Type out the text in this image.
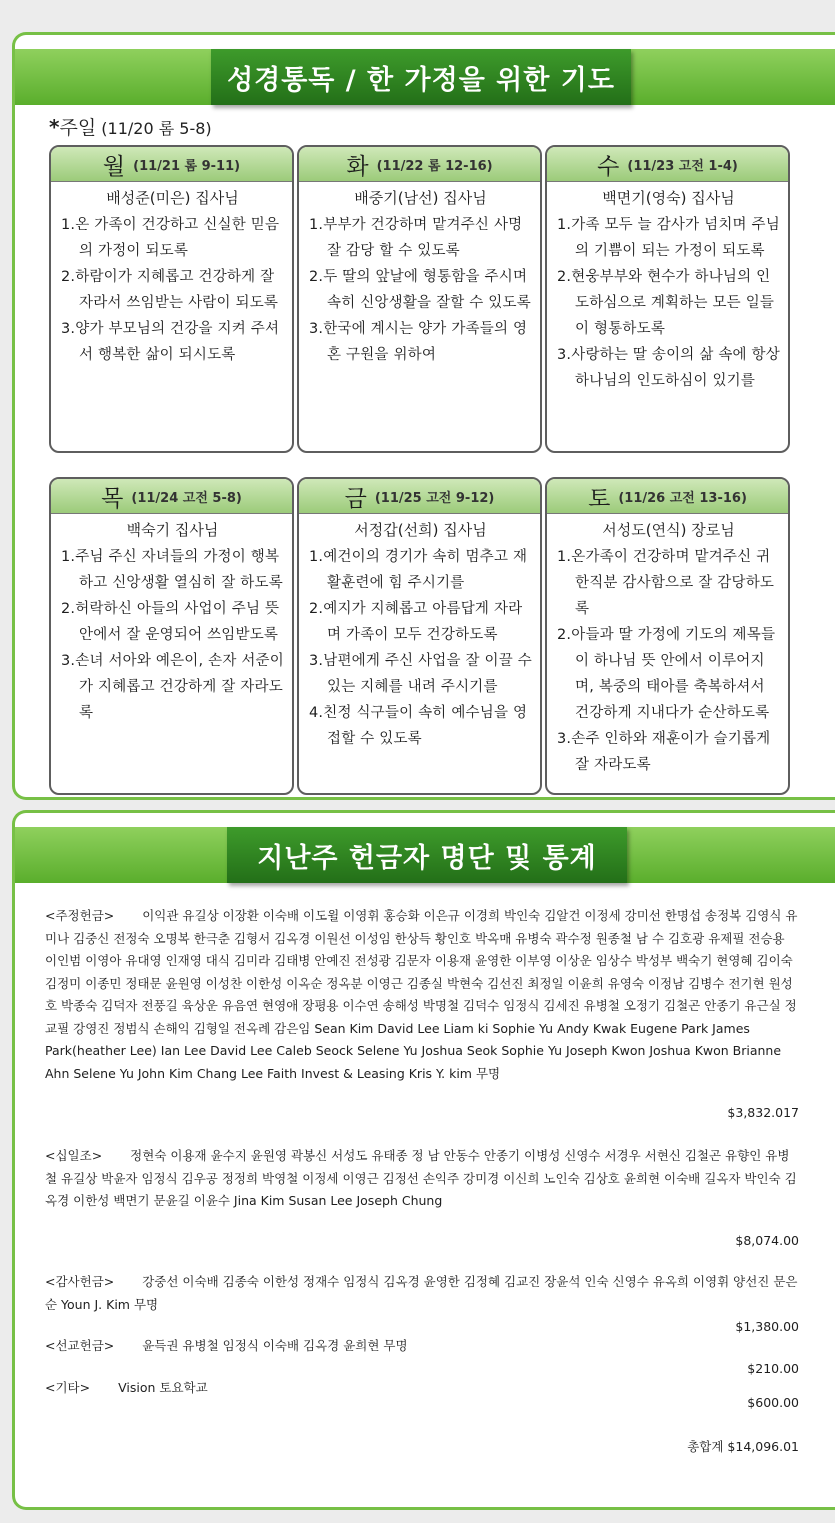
성경통독 / 한 가정을 위한 기도
*주일 (11/20 롬 5-8)
월 (11/21 롬 9-11)
배성준(미은) 집사님
1.온 가족이 건강하고 신실한 믿음의 가정이 되도록
2.하람이가 지혜롭고 건강하게 잘 자라서 쓰임받는 사람이 되도록
3.양가 부모님의 건강을 지켜 주셔서 행복한 삶이 되시도록
화 (11/22 롬 12-16)
배중기(남선) 집사님
1.부부가 건강하며 맡겨주신 사명 잘 감당 할 수 있도록
2.두 딸의 앞날에 형통함을 주시며 속히 신앙생활을 잘할 수 있도록
3.한국에 계시는 양가 가족들의 영혼 구원을 위하여
수 (11/23 고전 1-4)
백면기(영숙) 집사님
1.가족 모두 늘 감사가 넘치며 주님의 기쁨이 되는 가정이 되도록
2.현웅부부와 현수가 하나님의 인도하심으로 계획하는 모든 일들이 형통하도록
3.사랑하는 딸 송이의 삶 속에 항상 하나님의 인도하심이 있기를
목 (11/24 고전 5-8)
백숙기 집사님
1.주님 주신 자녀들의 가정이 행복하고 신앙생활 열심히 잘 하도록
2.허락하신 아들의 사업이 주님 뜻 안에서 잘 운영되어 쓰임받도록
3.손녀 서아와 예은이, 손자 서준이가 지혜롭고 건강하게 잘 자라도록
금 (11/25 고전 9-12)
서정갑(선희) 집사님
1.예건이의 경기가 속히 멈추고 재활훈련에 힘 주시기를
2.예지가 지혜롭고 아름답게 자라며 가족이 모두 건강하도록
3.남편에게 주신 사업을 잘 이끌 수 있는 지혜를 내려 주시기를
4.친정 식구들이 속히 예수님을 영접할 수 있도록
토 (11/26 고전 13-16)
서성도(연식) 장로님
1.온가족이 건강하며 맡겨주신 귀한직분 감사함으로 잘 감당하도록
2.아들과 딸 가정에 기도의 제목들이 하나님 뜻 안에서 이루어지며, 복중의 태아를 축복하셔서 건강하게 지내다가 순산하도록
3.손주 인하와 재훈이가 슬기롭게 잘 자라도록
지난주 헌금자 명단 및 통계
<주정헌금> 이익관 유길상 이장환 이숙배 이도윌 이영휘 홍승화 이은규 이경희 박인숙 김알건 이정세 강미선 한명섭 송정복 김영식 유미나 김중신 전정숙 오명복 한극춘 김형서 김옥경 이원선 이성임 한상득 황인호 박옥매 유병숙 곽수정 원종철 남 수 김호광 유제필 전승용 이인범 이영아 유대영 인재영 대식 김미라 김태병 안예진 전성광 김문자 이용재 윤영한 이부영 이상운 임상수 박성부 백숙기 현영혜 김이숙 김정미 이종민 정태문 윤원영 이성찬 이한성 이옥순 정옥분 이영근 김종실 박현숙 김선진 최정일 이윤희 유영숙 이정남 김병수 전기현 원성호 박종숙 김덕자 전풍길 육상운 유음연 현영애 장평용 이수연 송해성 박명철 김덕수 임정식 김세진 유병철 오정기 김철곤 안종기 유근실 정교필 강영진 정범식 손해익 김형일 전옥례 감은임 Sean Kim David Lee Liam ki Sophie Yu Andy Kwak Eugene Park James Park(heather Lee) Ian Lee David Lee Caleb Seock Selene Yu Joshua Seok Sophie Yu Joseph Kwon Joshua Kwon Brianne Ahn Selene Yu John Kim Chang Lee Faith Invest & Leasing Kris Y. kim 무명
$3,832.017
<십일조> 정현숙 이용재 윤수지 윤원영 곽봉신 서성도 유태종 정 남 안동수 안종기 이병성 신영수 서경우 서현신 김철곤 유향인 유병철 유길상 박윤자 임정식 김우공 정정희 박영철 이정세 이영근 김정선 손익주 강미경 이신희 노인숙 김상호 윤희현 이숙배 길옥자 박인숙 김옥경 이한성 백면기 문윤길 이윤수 Jina Kim Susan Lee Joseph Chung
$8,074.00
<감사헌금> 강중선 이숙배 김종숙 이한성 정재수 임정식 김옥경 윤영한 김정혜 김교진 장윤석 인숙 신영수 유옥희 이영휘 양선진 문은순 Youn J. Kim 무명
$1,380.00
<선교헌금> 윤득권 유병철 임정식 이숙배 김옥경 윤희현 무명
$210.00
<기타> Vision 토요학교
$600.00
총합계 $14,096.01
